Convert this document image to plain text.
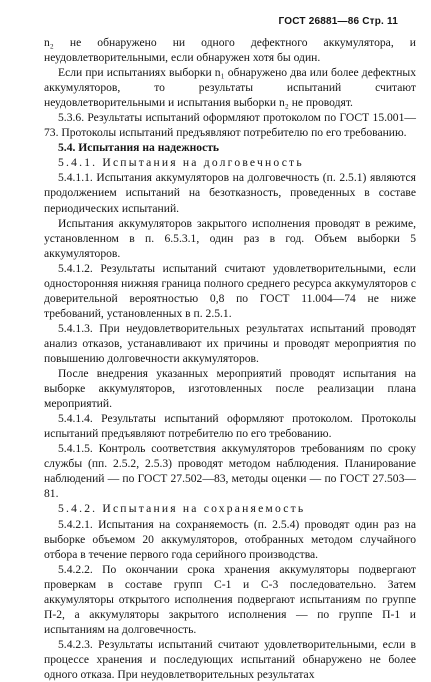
ГОСТ 26881—86 Стр. 11

n₂ не обнаружено ни одного дефектного аккумулятора, и неудовлетворительными, если обнаружен хотя бы один.

Если при испытаниях выборки n₁ обнаружено два или более дефектных аккумуляторов, то результаты испытаний считают неудовлетворительными и испытания выборки n₂ не проводят.

5.3.6. Результаты испытаний оформляют протоколом по ГОСТ 15.001—73. Протоколы испытаний предъявляют потребителю по его требованию.

5.4. Испытания на надежность

5.4.1. Испытания на долговечность

5.4.1.1. Испытания аккумуляторов на долговечность (п. 2.5.1) являются продолжением испытаний на безотказность, проведенных в составе периодических испытаний.

Испытания аккумуляторов закрытого исполнения проводят в режиме, установленном в п. 6.5.3.1, один раз в год. Объем выборки 5 аккумуляторов.

5.4.1.2. Результаты испытаний считают удовлетворительными, если односторонняя нижняя граница полного среднего ресурса аккумуляторов с доверительной вероятностью 0,8 по ГОСТ 11.004—74 не ниже требований, установленных в п. 2.5.1.

5.4.1.3. При неудовлетворительных результатах испытаний проводят анализ отказов, устанавливают их причины и проводят мероприятия по повышению долговечности аккумуляторов.

После внедрения указанных мероприятий проводят испытания на выборке аккумуляторов, изготовленных после реализации плана мероприятий.

5.4.1.4. Результаты испытаний оформляют протоколом. Протоколы испытаний предъявляют потребителю по его требованию.

5.4.1.5. Контроль соответствия аккумуляторов требованиям по сроку службы (пп. 2.5.2, 2.5.3) проводят методом наблюдения. Планирование наблюдений — по ГОСТ 27.502—83, методы оценки — по ГОСТ 27.503—81.

5.4.2. Испытания на сохраняемость

5.4.2.1. Испытания на сохраняемость (п. 2.5.4) проводят один раз на выборке объемом 20 аккумуляторов, отобранных методом случайного отбора в течение первого года серийного производства.

5.4.2.2. По окончании срока хранения аккумуляторы подвергают проверкам в составе групп С-1 и С-3 последовательно. Затем аккумуляторы открытого исполнения подвергают испытаниям по группе П-2, а аккумуляторы закрытого исполнения — по группе П-1 и испытаниям на долговечность.

5.4.2.3. Результаты испытаний считают удовлетворительными, если в процессе хранения и последующих испытаний обнаружено не более одного отказа. При неудовлетворительных результатах
